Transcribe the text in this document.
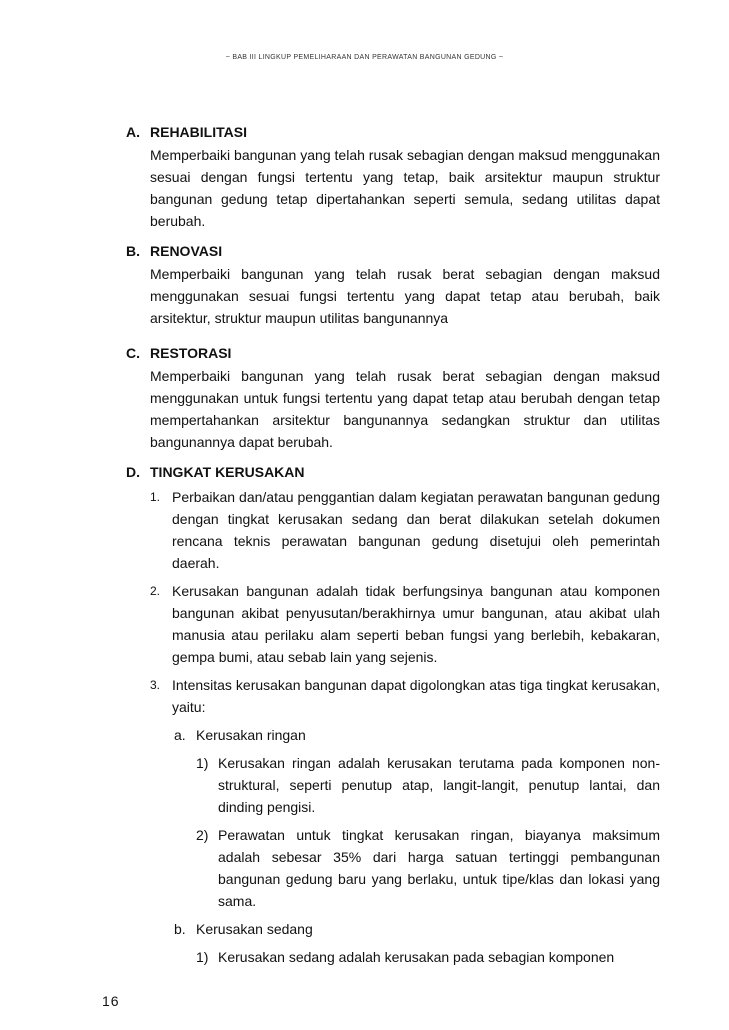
~ BAB III LINGKUP PEMELIHARAAN DAN PERAWATAN BANGUNAN GEDUNG ~
A. REHABILITASI
Memperbaiki bangunan yang telah rusak sebagian dengan maksud menggunakan sesuai dengan fungsi tertentu yang tetap, baik arsitektur maupun struktur bangunan gedung tetap dipertahankan seperti semula, sedang utilitas dapat berubah.
B. RENOVASI
Memperbaiki bangunan yang telah rusak berat sebagian dengan maksud menggunakan sesuai fungsi tertentu yang dapat tetap atau berubah, baik arsitektur, struktur maupun utilitas bangunannya
C. RESTORASI
Memperbaiki bangunan yang telah rusak berat sebagian dengan maksud menggunakan untuk fungsi tertentu yang dapat tetap atau berubah dengan tetap mempertahankan arsitektur bangunannya sedangkan struktur dan utilitas bangunannya dapat berubah.
D. TINGKAT KERUSAKAN
1. Perbaikan dan/atau penggantian dalam kegiatan perawatan bangunan gedung dengan tingkat kerusakan sedang dan berat dilakukan setelah dokumen rencana teknis perawatan bangunan gedung disetujui oleh pemerintah daerah.
2. Kerusakan bangunan adalah tidak berfungsinya bangunan atau komponen bangunan akibat penyusutan/berakhirnya umur bangunan, atau akibat ulah manusia atau perilaku alam seperti beban fungsi yang berlebih, kebakaran, gempa bumi, atau sebab lain yang sejenis.
3. Intensitas kerusakan bangunan dapat digolongkan atas tiga tingkat kerusakan, yaitu:
a. Kerusakan ringan
1) Kerusakan ringan adalah kerusakan terutama pada komponen non-struktural, seperti penutup atap, langit-langit, penutup lantai, dan dinding pengisi.
2) Perawatan untuk tingkat kerusakan ringan, biayanya maksimum adalah sebesar 35% dari harga satuan tertinggi pembangunan bangunan gedung baru yang berlaku, untuk tipe/klas dan lokasi yang sama.
b. Kerusakan sedang
1) Kerusakan sedang adalah kerusakan pada sebagian komponen
16
